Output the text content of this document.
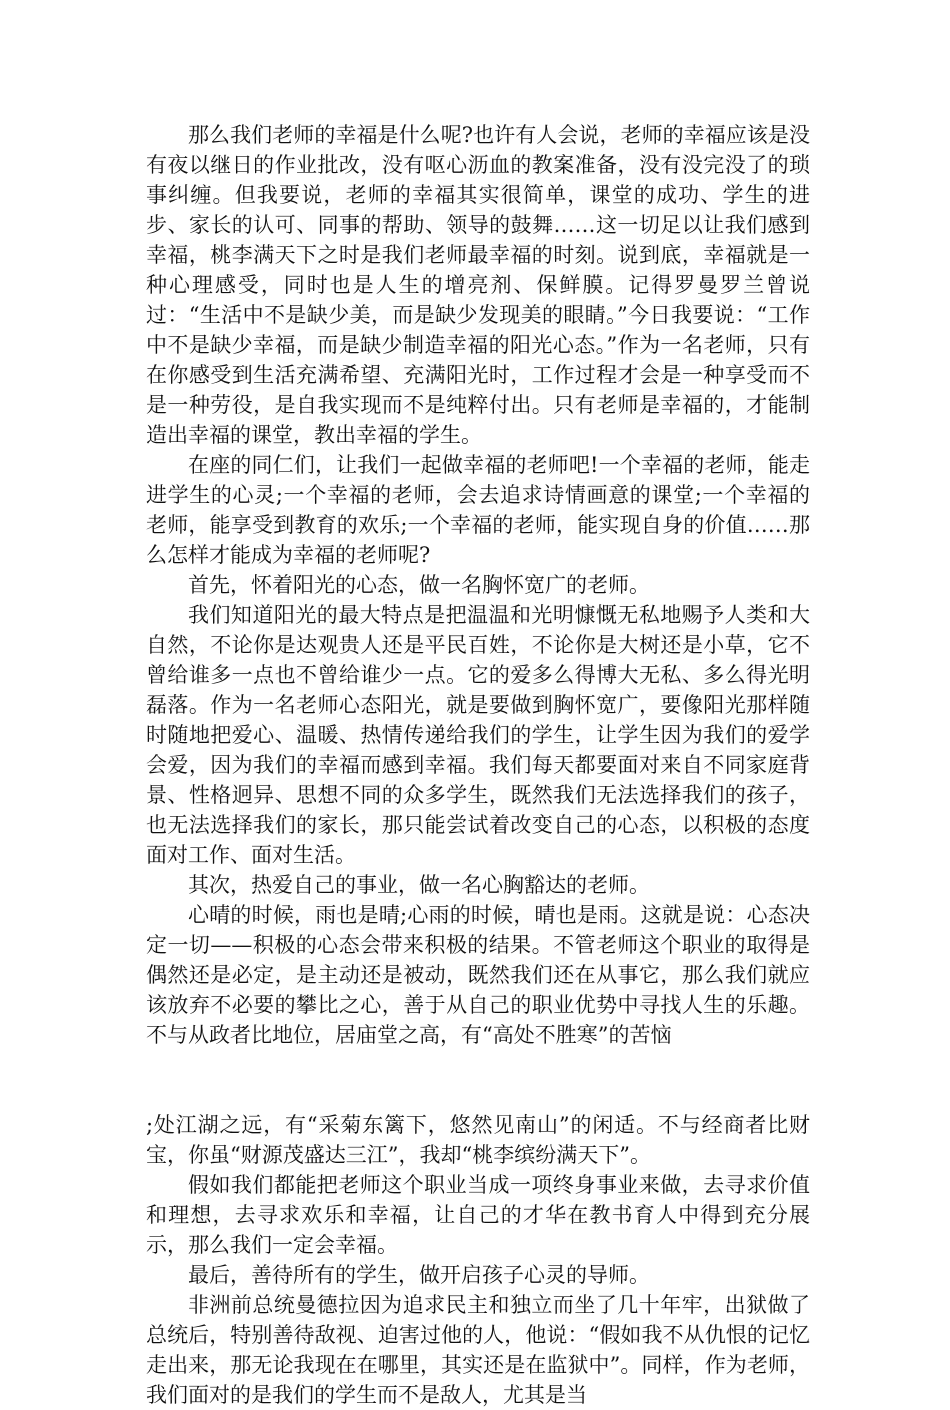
那么我们老师的幸福是什么呢?也许有人会说，老师的幸福应该是没有夜以继日的作业批改，没有呕心沥血的教案准备，没有没完没了的琐事纠缠。但我要说，老师的幸福其实很简单，课堂的成功、学生的进步、家长的认可、同事的帮助、领导的鼓舞……这一切足以让我们感到幸福，桃李满天下之时是我们老师最幸福的时刻。说到底，幸福就是一种心理感受，同时也是人生的增亮剂、保鲜膜。记得罗曼罗兰曾说过：“生活中不是缺少美，而是缺少发现美的眼睛。”今日我要说：“工作中不是缺少幸福，而是缺少制造幸福的阳光心态。”作为一名老师，只有在你感受到生活充满希望、充满阳光时，工作过程才会是一种享受而不是一种劳役，是自我实现而不是纯粹付出。只有老师是幸福的，才能制造出幸福的课堂，教出幸福的学生。

在座的同仁们，让我们一起做幸福的老师吧!一个幸福的老师，能走进学生的心灵;一个幸福的老师，会去追求诗情画意的课堂;一个幸福的老师，能享受到教育的欢乐;一个幸福的老师，能实现自身的价值……那么怎样才能成为幸福的老师呢?

首先，怀着阳光的心态，做一名胸怀宽广的老师。

我们知道阳光的最大特点是把温温和光明慷慨无私地赐予人类和大自然，不论你是达观贵人还是平民百姓，不论你是大树还是小草，它不曾给谁多一点也不曾给谁少一点。它的爱多么得博大无私、多么得光明磊落。作为一名老师心态阳光，就是要做到胸怀宽广，要像阳光那样随时随地把爱心、温暖、热情传递给我们的学生，让学生因为我们的爱学会爱，因为我们的幸福而感到幸福。我们每天都要面对来自不同家庭背景、性格迥异、思想不同的众多学生，既然我们无法选择我们的孩子，也无法选择我们的家长，那只能尝试着改变自己的心态，以积极的态度面对工作、面对生活。

其次，热爱自己的事业，做一名心胸豁达的老师。

心晴的时候，雨也是晴;心雨的时候，晴也是雨。这就是说：心态决定一切——积极的心态会带来积极的结果。不管老师这个职业的取得是偶然还是必定，是主动还是被动，既然我们还在从事它，那么我们就应该放弃不必要的攀比之心，善于从自己的职业优势中寻找人生的乐趣。不与从政者比地位，居庙堂之高，有“高处不胜寒”的苦恼

;处江湖之远，有“采菊东篱下，悠然见南山”的闲适。不与经商者比财宝，你虽“财源茂盛达三江”，我却“桃李缤纷满天下”。

假如我们都能把老师这个职业当成一项终身事业来做，去寻求价值和理想，去寻求欢乐和幸福，让自己的才华在教书育人中得到充分展示，那么我们一定会幸福。

最后，善待所有的学生，做开启孩子心灵的导师。

非洲前总统曼德拉因为追求民主和独立而坐了几十年牢，出狱做了总统后，特别善待敌视、迫害过他的人，他说：“假如我不从仇恨的记忆走出来，那无论我现在在哪里，其实还是在监狱中”。同样，作为老师，我们面对的是我们的学生而不是敌人，尤其是当
